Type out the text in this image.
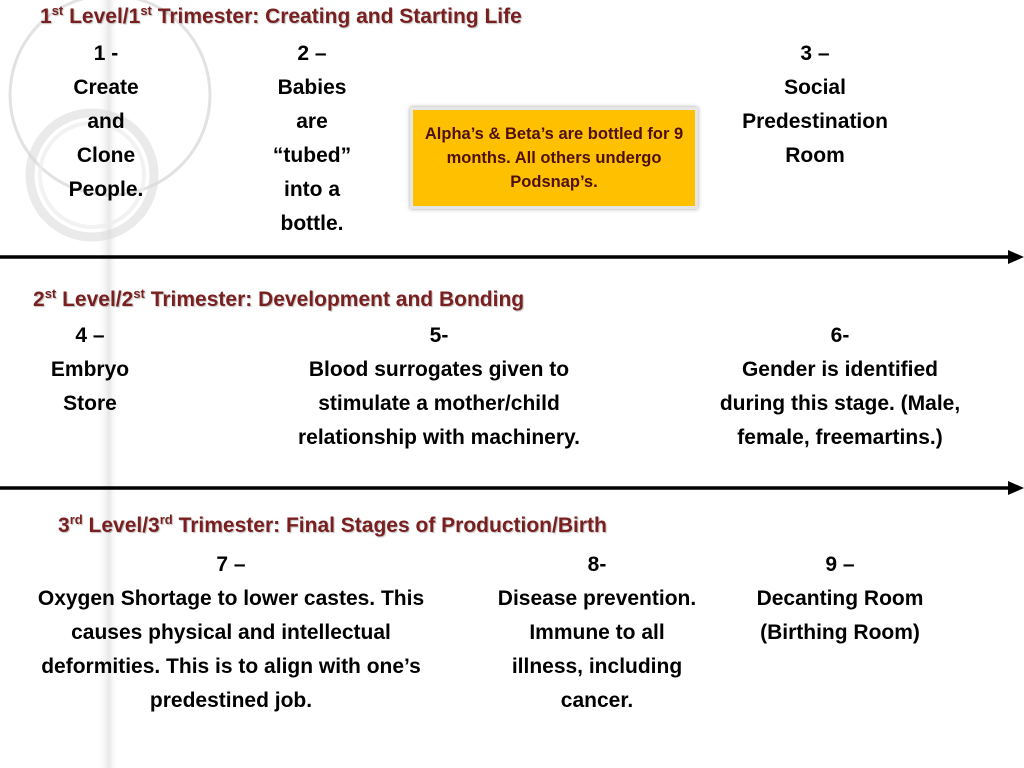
1st Level/1st Trimester: Creating and Starting Life
1 -
Create and Clone People.
2 –
Babies are “tubed” into a bottle.
3 –
Social Predestination Room
Alpha’s & Beta’s are bottled for 9 months. All others undergo Podsnap’s.
2st Level/2st Trimester: Development and Bonding
4 –
Embryo Store
5-
Blood surrogates given to stimulate a mother/child relationship with machinery.
6-
Gender is identified during this stage. (Male, female, freemartins.)
3rd Level/3rd Trimester: Final Stages of Production/Birth
7 –
Oxygen Shortage to lower castes. This causes physical and intellectual deformities. This is to align with one’s predestined job.
8-
Disease prevention. Immune to all illness, including cancer.
9 –
Decanting Room (Birthing Room)
